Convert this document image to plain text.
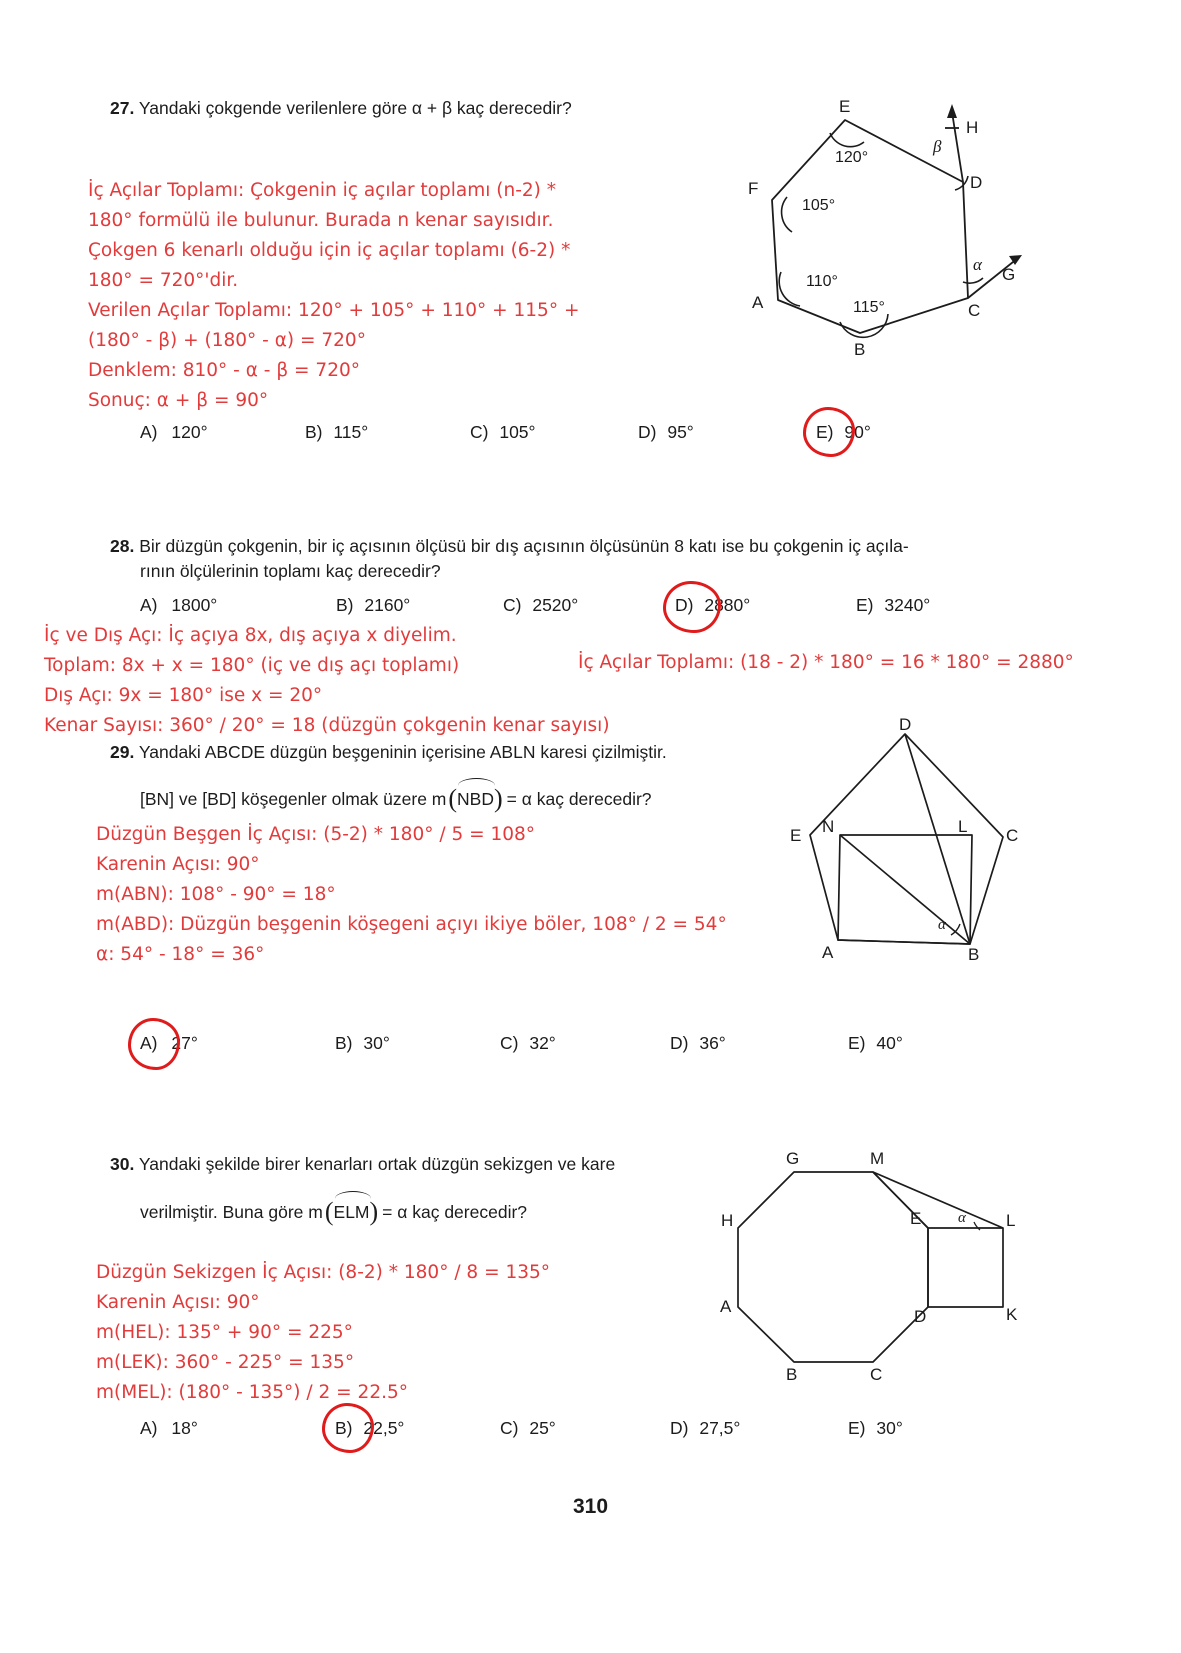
27. Yandaki çokgende verilenlere göre α + β kaç derecedir?
İç Açılar Toplamı: Çokgenin iç açılar toplamı (n-2) *
180° formülü ile bulunur. Burada n kenar sayısıdır.
Çokgen 6 kenarlı olduğu için iç açılar toplamı (6-2) *
180° = 720°'dir.
Verilen Açılar Toplamı: 120° + 105° + 110° + 115° +
(180° - β) + (180° - α) = 720°
Denklem: 810° - α - β = 720°
Sonuç: α + β = 90°
E
F
A
B
C
D
H
G
120°
105°
110°
115°
β
α
A) 120°	B) 115°	C) 105°	D) 95°	E) 90°
28. Bir düzgün çokgenin, bir iç açısının ölçüsü bir dış açısının ölçüsünün 8 katı ise bu çokgenin iç açıla-
rının ölçülerinin toplamı kaç derecedir?
A) 1800°	B) 2160°	C) 2520°	D) 2880°	E) 3240°
İç ve Dış Açı: İç açıya 8x, dış açıya x diyelim.
Toplam: 8x + x = 180° (iç ve dış açı toplamı)
Dış Açı: 9x = 180° ise x = 20°
Kenar Sayısı: 360° / 20° = 18 (düzgün çokgenin kenar sayısı)
İç Açılar Toplamı: (18 - 2) * 180° = 16 * 180° = 2880°
29. Yandaki ABCDE düzgün beşgeninin içerisine ABLN karesi çizilmiştir.
[BN] ve [BD] köşegenler olmak üzere m (
NBD) = α kaç derecedir?
Düzgün Beşgen İç Açısı: (5-2) * 180° / 5 = 108°
Karenin Açısı: 90°
m(ABN): 108° - 90° = 18°
m(ABD): Düzgün beşgenin köşegeni açıyı ikiye böler, 108° / 2 = 54°
α: 54° - 18° = 36°
α
D
E N	L C
A	B
A) 27°	B) 30°	C) 32°	D) 36°	E) 40°
30. Yandaki şekilde birer kenarları ortak düzgün sekizgen ve kare
verilmiştir. Buna göre m (
ELM) = α kaç derecedir?
Düzgün Sekizgen İç Açısı: (8-2) * 180° / 8 = 135°
Karenin Açısı: 90°
m(HEL): 135° + 90° = 225°
m(LEK): 360° - 225° = 135°
m(MEL): (180° - 135°) / 2 = 22.5°
α
G	M
H	E	L
A
D	K
B	C
A) 18°	B) 22,5°	C) 25°	D) 27,5°	E) 30°
310
